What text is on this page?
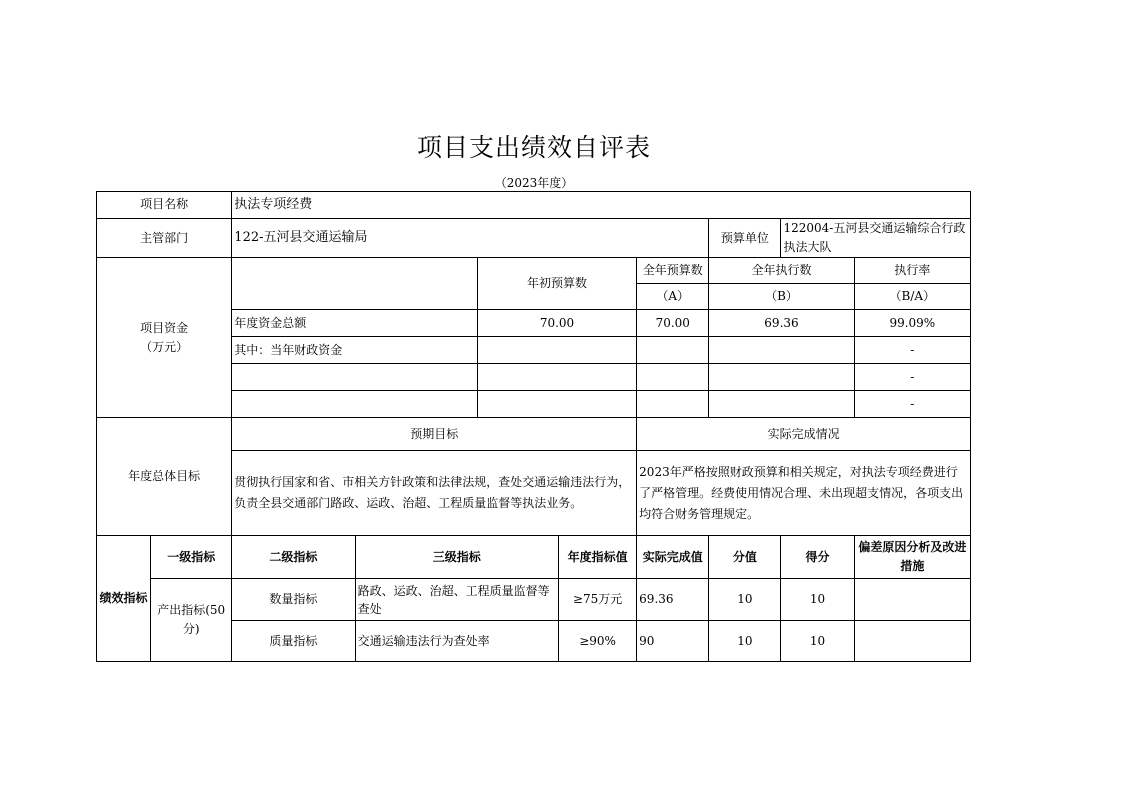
项目支出绩效自评表
（2023年度）
项目名称		执法专项经费							
主管部门		122-五河县交通运输局					预算单位	122004-五河县交通运输综合行政执法大队	

项目资金
（万元）				年初预算数		全年预算数	全年执行数		执行率
						（A）	（B）		（B/A）
		年度资金总额		70.00		70.00	69.36		99.09%
		其中：当年财政资金							-
									-
									-
年度总体目标		预期目标				实际完成情况			
		贯彻执行国家和省、市相关方针政策和法律法规，查处交通运输违法行为，负责全县交通部门路政、运政、治超、工程质量监督等执法业务。				2023年严格按照财政预算和相关规定，对执法专项经费进行了严格管理。经费使用情况合理、未出现超支情况，各项支出均符合财务管理规定。			
绩效指标	一级指标	二级指标	三级指标		年度指标值	实际完成值	分值	得分	偏差原因分析及改进措施
	产出指标(50分)	数量指标	路政、运政、治超、工程质量监督等查处		≥75万元	69.36	10	10	
		质量指标	交通运输违法行为查处率		≥90%	90	10	10	
